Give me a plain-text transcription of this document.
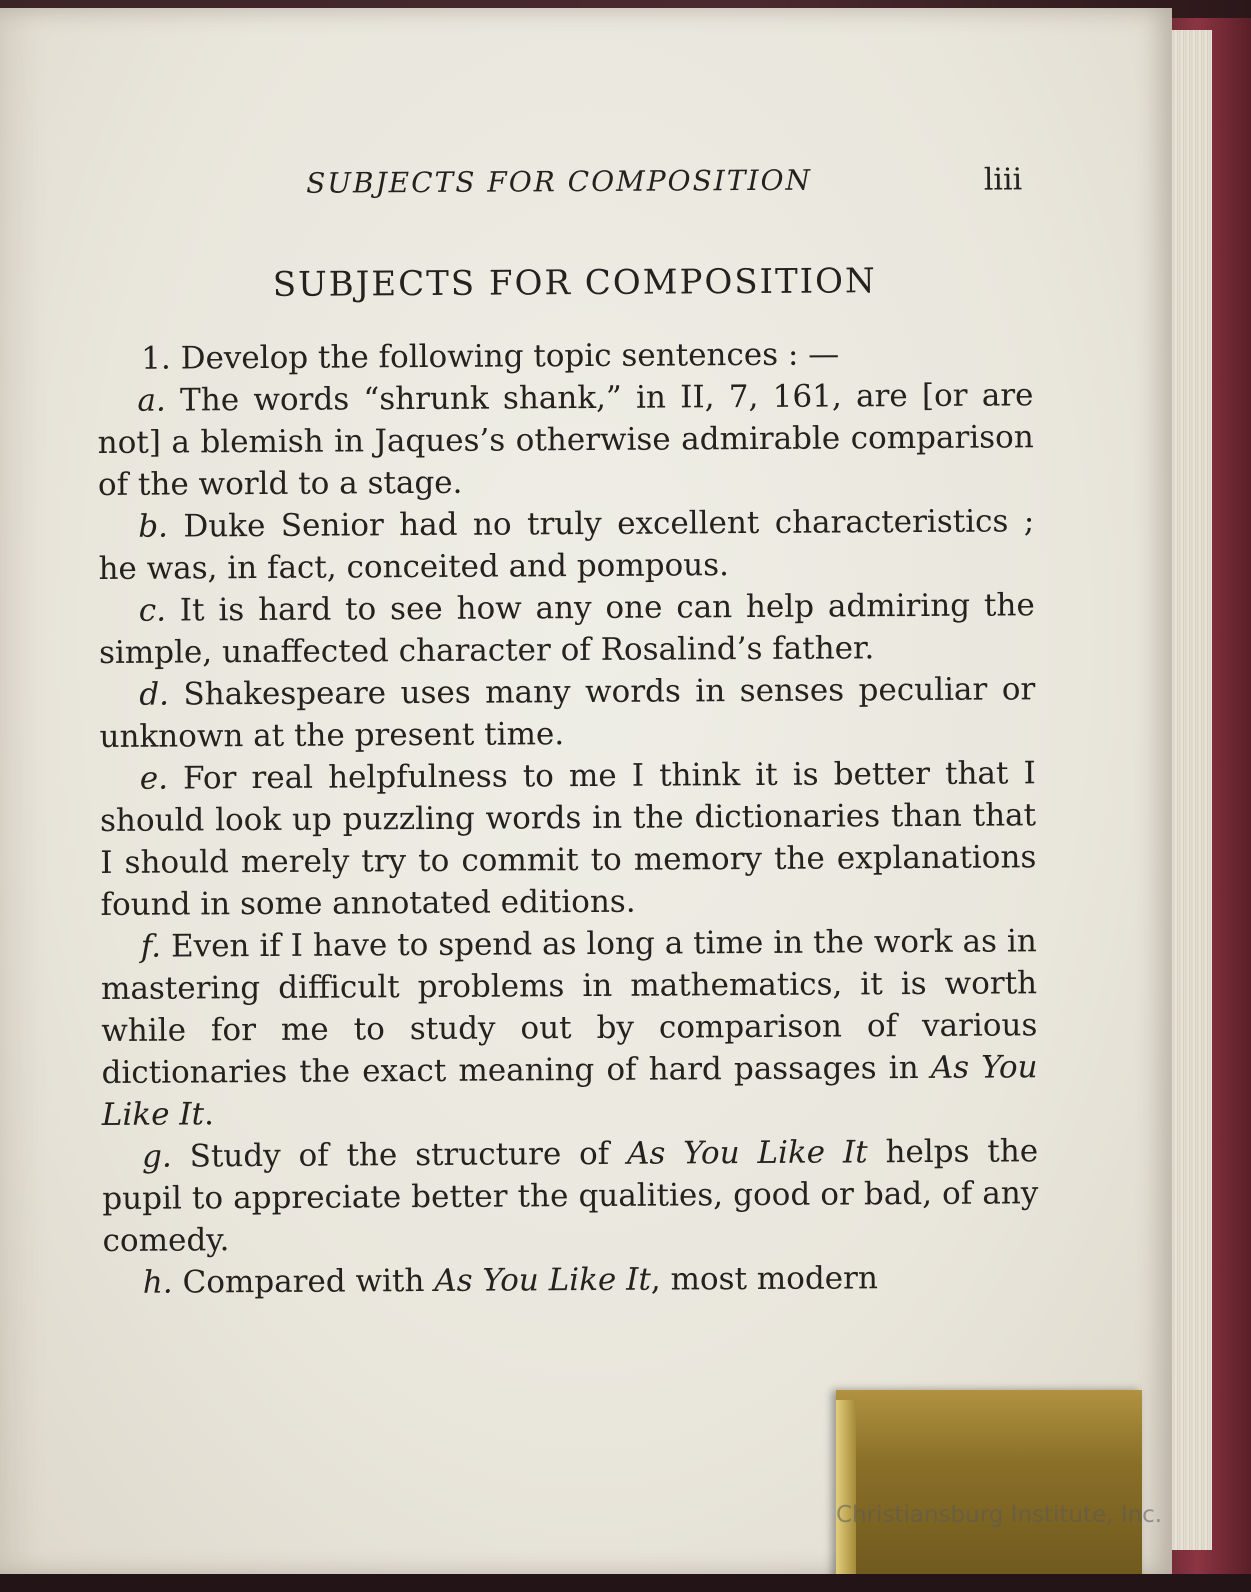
SUBJECTS FOR COMPOSITION	liii
SUBJECTS FOR COMPOSITION

1. Develop the following topic sentences : —

a. The words “shrunk shank,” in II, 7, 161, are [or are not] a blemish in Jaques’s otherwise admirable comparison of the world to a stage.

b. Duke Senior had no truly excellent characteristics ; he was, in fact, conceited and pompous.

c. It is hard to see how any one can help admiring the simple, unaffected character of Rosalind’s father.

d. Shakespeare uses many words in senses peculiar or unknown at the present time.

e. For real helpfulness to me I think it is better that I should look up puzzling words in the dictionaries than that I should merely try to commit to memory the explanations found in some annotated editions.

f. Even if I have to spend as long a time in the work as in mastering difficult problems in mathematics, it is worth while for me to study out by comparison of various dictionaries the exact meaning of hard passages in As You Like It.

g. Study of the structure of As You Like It helps the pupil to appreciate better the qualities, good or bad, of any comedy.

h. Compared with As You Like It, most modern

Christiansburg Institute, Inc.
